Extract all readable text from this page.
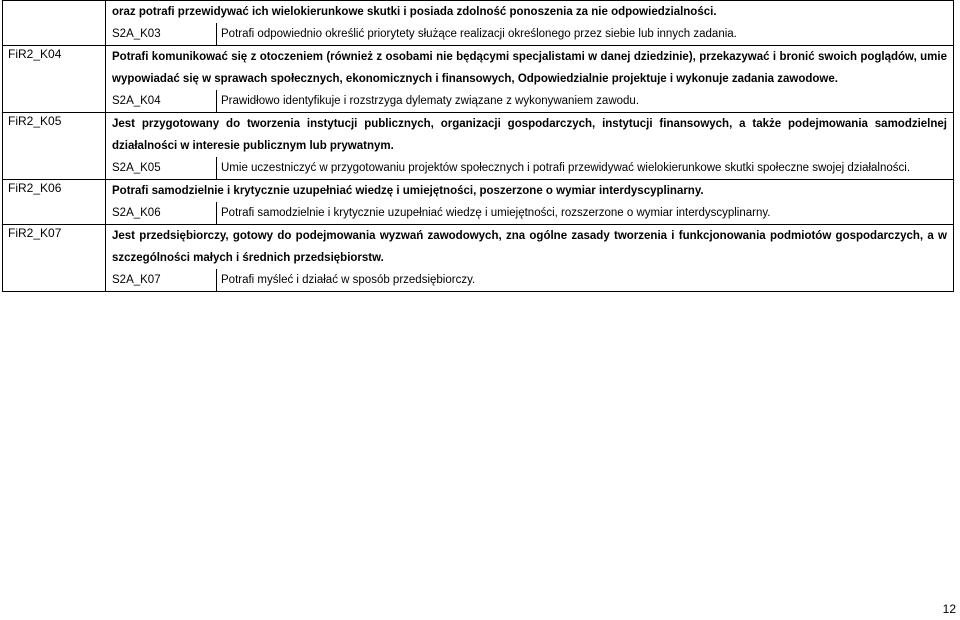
	oraz potrafi przewidywać ich wielokierunkowe skutki i posiada zdolność ponoszenia za nie odpowiedzialności.
S2A_K03 Potrafi odpowiednio określić priorytety służące realizacji określonego przez siebie lub innych zadania.

FiR2_K04	Potrafi komunikować się z otoczeniem (również z osobami nie będącymi specjalistami w danej dziedzinie), przekazywać i bronić swoich poglądów, umie wypowiadać się w sprawach społecznych, ekonomicznych i finansowych, Odpowiedzialnie projektuje i wykonuje zadania zawodowe.
S2A_K04 Prawidłowo identyfikuje i rozstrzyga dylematy związane z wykonywaniem zawodu.

FiR2_K05	Jest przygotowany do tworzenia instytucji publicznych, organizacji gospodarczych, instytucji finansowych, a także podejmowania samodzielnej działalności w interesie publicznym lub prywatnym.
S2A_K05 Umie uczestniczyć w przygotowaniu projektów społecznych i potrafi przewidywać wielokierunkowe skutki społeczne swojej działalności.

FiR2_K06	Potrafi samodzielnie i krytycznie uzupełniać wiedzę i umiejętności, poszerzone o wymiar interdyscyplinarny.
S2A_K06 Potrafi samodzielnie i krytycznie uzupełniać wiedzę i umiejętności, rozszerzone o wymiar interdyscyplinarny.

FiR2_K07	Jest przedsiębiorczy, gotowy do podejmowania wyzwań zawodowych, zna ogólne zasady tworzenia i funkcjonowania podmiotów gospodarczych, a w szczególności małych i średnich przedsiębiorstw.
S2A_K07 Potrafi myśleć i działać w sposób przedsiębiorczy.
12
